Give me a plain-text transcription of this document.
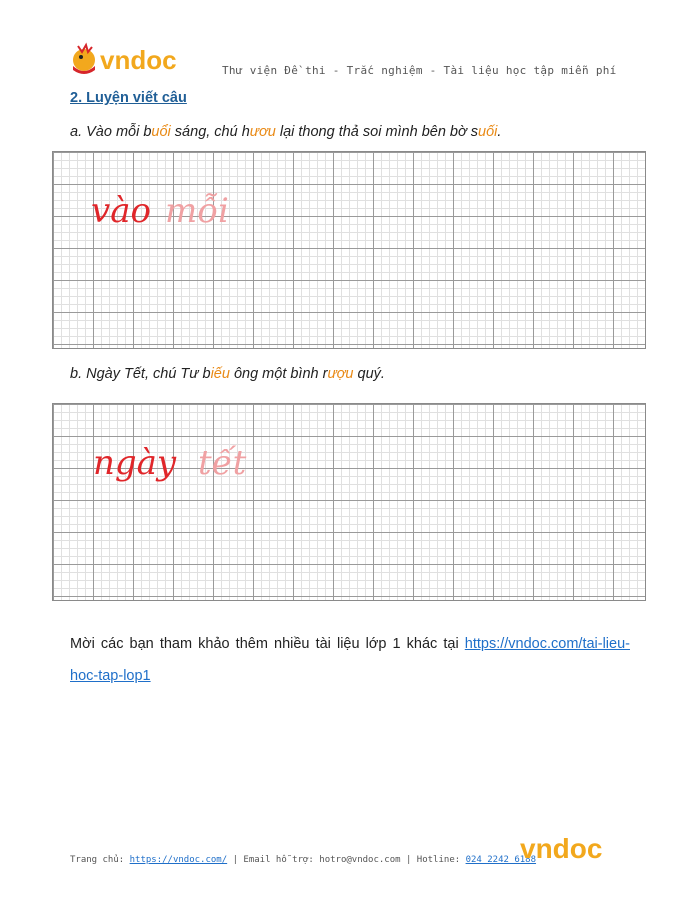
vndoc	Thư viện Đề thi - Trắc nghiệm - Tài liệu học tập miễn phí
2. Luyện viết câu
a. Vào mỗi buổi sáng, chú hươu lại thong thả soi mình bên bờ suối.
vào mỗi
b. Ngày Tết, chú Tư biếu ông một bình rượu quý.
ngày tết
Mời các bạn tham khảo thêm nhiều tài liệu lớp 1 khác tại https://vndoc.com/tai-lieu-hoc-tap-lop1
Trang chủ: https://vndoc.com/ | Email hỗ trợ: hotro@vndoc.com | Hotline: 024 2242 6188
vndoc
